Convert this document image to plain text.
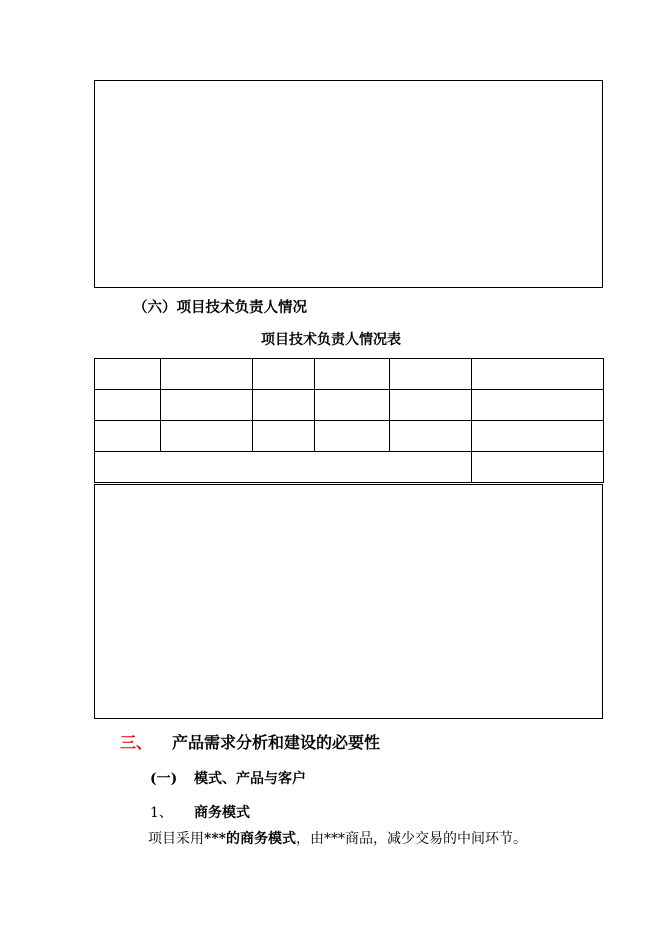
（六）项目技术负责人情况
项目技术负责人情况表

三、 产品需求分析和建设的必要性
(一) 模式、产品与客户
1、 商务模式
项目采用***的商务模式，由***商品，减少交易的中间环节。
